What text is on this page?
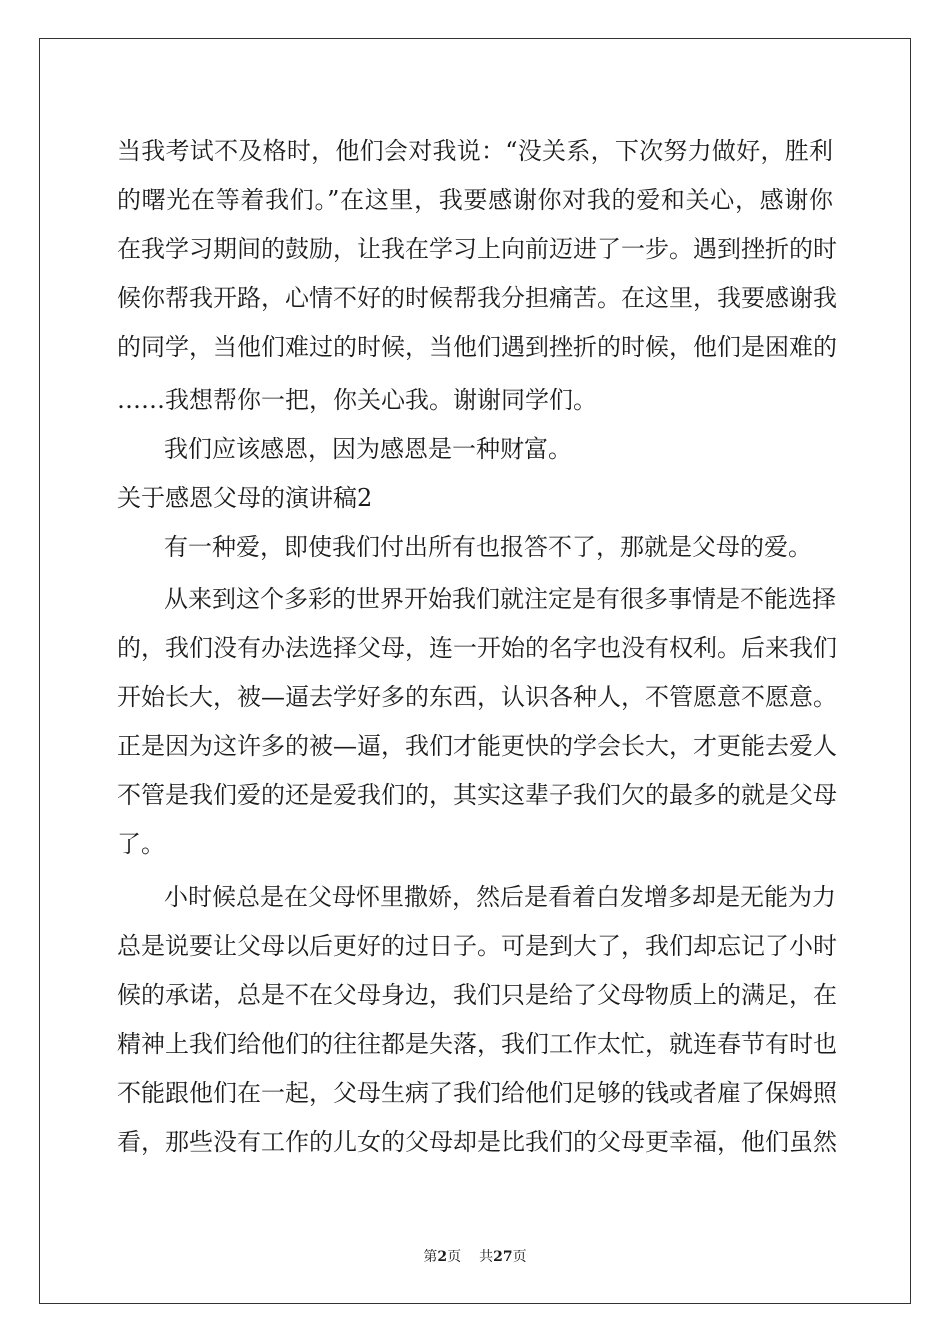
当我考试不及格时，他们会对我说：“没关系，下次努力做好，胜利
的曙光在等着我们。”在这里，我要感谢你对我的爱和关心，感谢你
在我学习期间的鼓励，让我在学习上向前迈进了一步。遇到挫折的时
候你帮我开路，心情不好的时候帮我分担痛苦。在这里，我要感谢我
的同学，当他们难过的时候，当他们遇到挫折的时候，他们是困难的
……我想帮你一把，你关心我。谢谢同学们。
我们应该感恩，因为感恩是一种财富。
关于感恩父母的演讲稿2
有一种爱，即使我们付出所有也报答不了，那就是父母的爱。
从来到这个多彩的世界开始我们就注定是有很多事情是不能选择
的，我们没有办法选择父母，连一开始的名字也没有权利。后来我们
开始长大，被—逼去学好多的东西，认识各种人，不管愿意不愿意。
正是因为这许多的被—逼，我们才能更快的学会长大，才更能去爱人
不管是我们爱的还是爱我们的，其实这辈子我们欠的最多的就是父母
了。
小时候总是在父母怀里撒娇，然后是看着白发增多却是无能为力
总是说要让父母以后更好的过日子。可是到大了，我们却忘记了小时
候的承诺，总是不在父母身边，我们只是给了父母物质上的满足，在
精神上我们给他们的往往都是失落，我们工作太忙，就连春节有时也
不能跟他们在一起，父母生病了我们给他们足够的钱或者雇了保姆照
看，那些没有工作的儿女的父母却是比我们的父母更幸福，他们虽然
第2页 共27页
